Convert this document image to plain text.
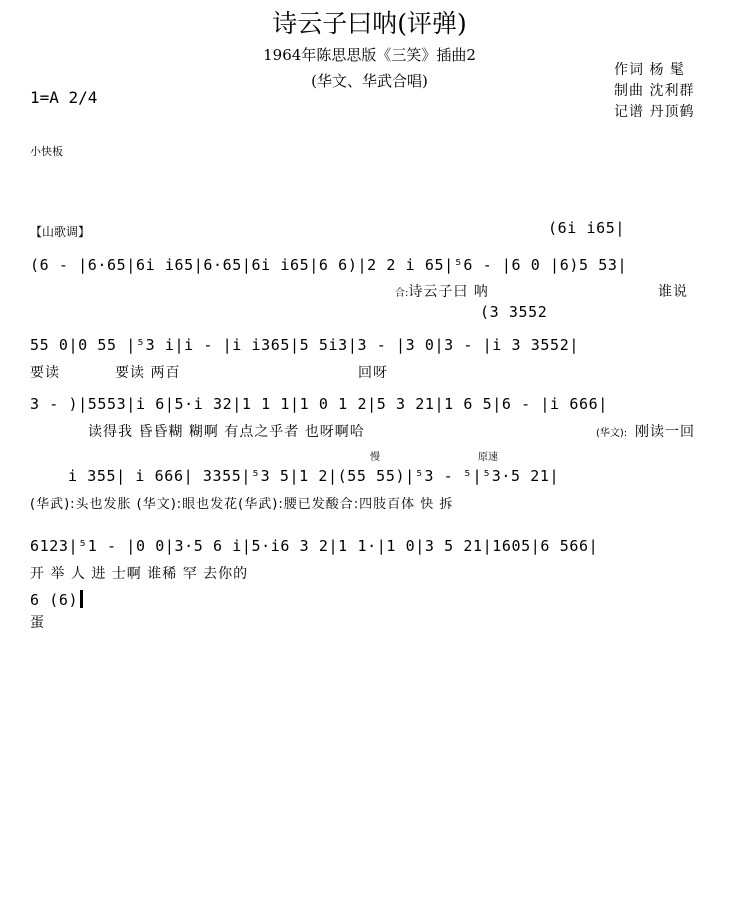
诗云子曰呐(评弹)
1964年陈思思版《三笑》插曲2
(华文、华武合唱)
作词 杨 髦
制曲 沈利群
记谱 丹顶鹤
1=A 2/4
小快板
【山歌调】	(6i i65|
(6 - |6·65|6i i65|6·65|6i i65|6 6)|2 2 i 65|⁵6 - |6 0 |6)5 53|
合:诗云子曰 呐	谁说
(3 3552
55 0|0 55 |⁵3 i|i - |i i365|5 5i3|3 - |3 0|3 - |i 3 3552|
要读	要读 两百	回呀
3 - )|5553|i 6|5·i 32|1 1 1|1 0 1 2|5 3 21|1 6 5|6 - |i 666|
读得我 昏昏糊 糊啊 有点之乎者 也呀啊哈	(华文): 刚读一回
慢	原速
i 355| i 666| 3355|⁵3 5|1 2|(55 55)|⁵3 - ⁵|⁵3·5 21|
(华武):头也发胀 (华文):眼也发花(华武):腰已发酸合:四肢百体 快 拆
6123|⁵1 - |0 0|3·5 6 i|5·i6 3 2|1 1·|1 0|3 5 21|1605|6 566|
开 举 人 进 士啊 谁稀 罕 去你的
6 (6)
蛋
